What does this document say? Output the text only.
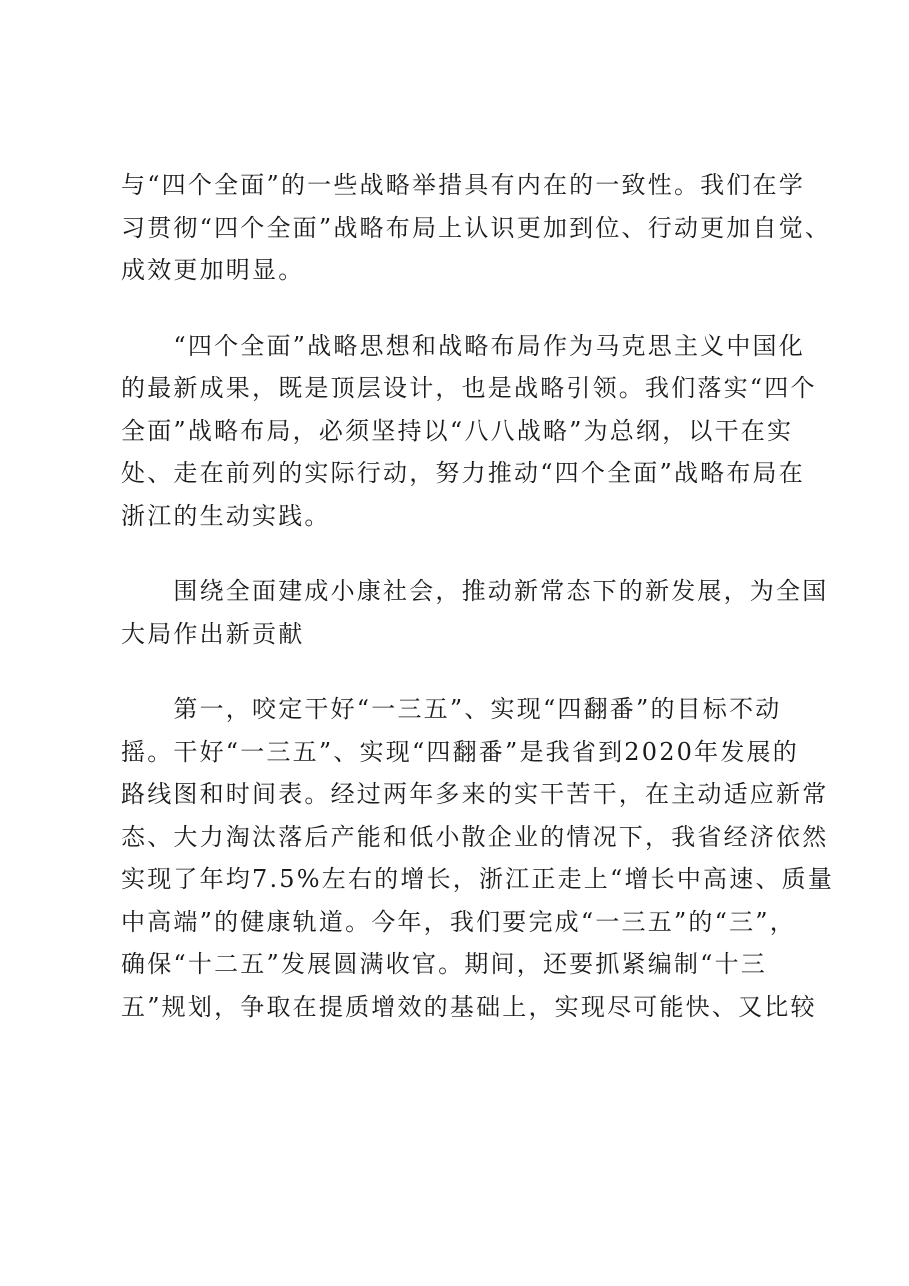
与“四个全面”的一些战略举措具有内在的一致性。我们在学
习贯彻“四个全面”战略布局上认识更加到位、行动更加自觉、
成效更加明显。
　　“四个全面”战略思想和战略布局作为马克思主义中国化
的最新成果，既是顶层设计，也是战略引领。我们落实“四个
全面”战略布局，必须坚持以“八八战略”为总纲，以干在实
处、走在前列的实际行动，努力推动“四个全面”战略布局在
浙江的生动实践。
　　围绕全面建成小康社会，推动新常态下的新发展，为全国
大局作出新贡献
　　第一，咬定干好“一三五”、实现“四翻番”的目标不动
摇。干好“一三五”、实现“四翻番”是我省到2020年发展的
路线图和时间表。经过两年多来的实干苦干，在主动适应新常
态、大力淘汰落后产能和低小散企业的情况下，我省经济依然
实现了年均7.5%左右的增长，浙江正走上“增长中高速、质量
中高端”的健康轨道。今年，我们要完成“一三五”的“三”，
确保“十二五”发展圆满收官。期间，还要抓紧编制“十三
五”规划，争取在提质增效的基础上，实现尽可能快、又比较
